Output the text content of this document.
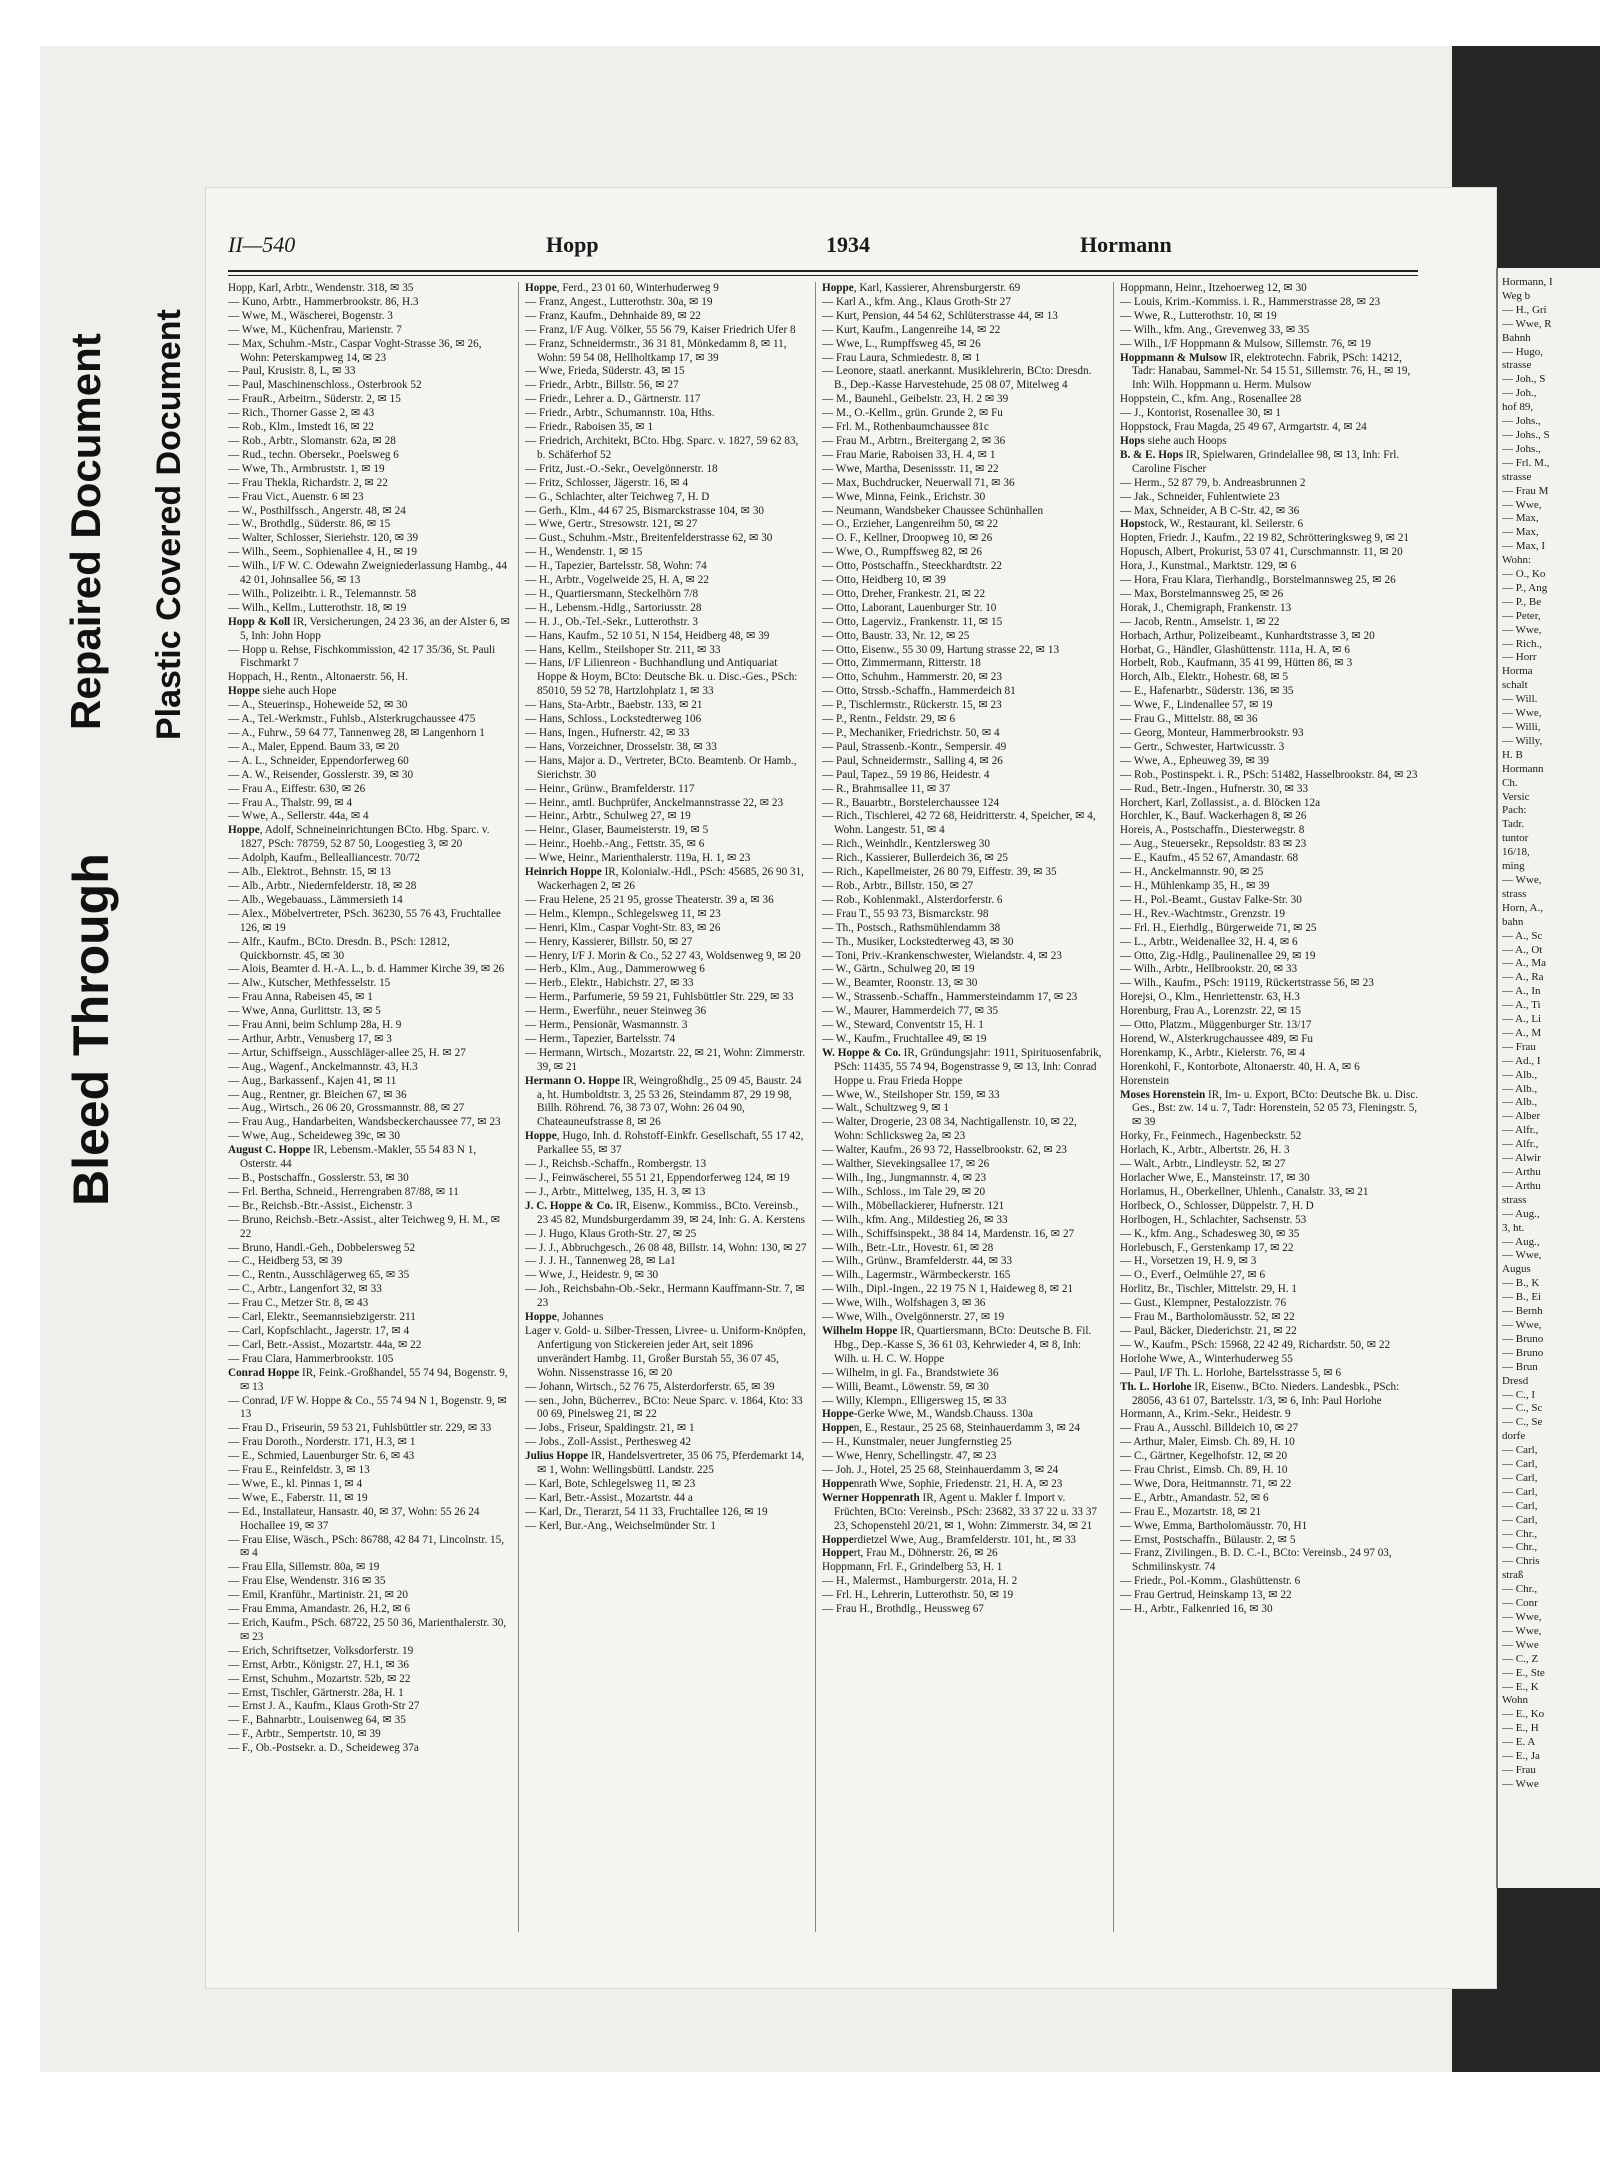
Bleed Through
Repaired Document Plastic Covered Document
Hormann, I
Weg b
— H., Gri
— Wwe, R
Bahnh
— Hugo,
strasse
— Joh., S
— Joh.,
hof 89,
— Johs.,
— Johs., S
— Johs.,
— Frl. M.,
strasse
— Frau M
— Wwe,
— Max,
— Max,
— Max, I
Wohn:
— O., Ko
— P., Ang
— P., Be
— Peter,
— Wwe,
— Rich.,
— Horr
Horma
schalt
— Will.
— Wwe,
— Willi,
— Willy,
H. B
Hormann
Ch.
Versic
Pach:
Tadr.
tuntor
16/18,
ming
— Wwe,
strass
Horn, A.,
bahn
— A., Sc
— A., Ot
— A., Ma
— A., Ra
— A., In
— A., Ti
— A., Li
— A., M
— Frau
— Ad., I
— Alb.,
— Alb.,
— Alb.,
— Alber
— Alfr.,
— Alfr.,
— Alwir
— Arthu
— Arthu
strass
— Aug.,
3, ht.
— Aug.,
— Wwe,
Augus
— B., K
— B., Ei
— Bernh
— Wwe,
— Bruno
— Bruno
— Brun
Dresd
— C., I
— C., Sc
— C., Se
dorfe
— Carl,
— Carl,
— Carl,
— Carl,
— Carl,
— Carl,
— Chr.,
— Chr.,
— Chris
straß
— Chr.,
— Conr
— Wwe,
— Wwe,
— Wwe
— C., Z
— E., Ste
— E., K
Wohn
— E., Ko
— E., H
— E. A
— E., Ja
— Frau
— Wwe
II—540	Hopp	1934	Hormann

Hopp, Karl, Arbtr., Wendenstr. 318, ✉ 35

— Kuno, Arbtr., Hammerbrookstr. 86, H.3

— Wwe, M., Wäscherei, Bogenstr. 3

— Wwe, M., Küchenfrau, Marienstr. 7

— Max, Schuhm.-Mstr., Caspar Voght-Strasse 36, ✉ 26, Wohn: Peterskampweg 14, ✉ 23

— Paul, Krusistr. 8, L, ✉ 33

— Paul, Maschinenschloss., Osterbrook 52

— FrauR., Arbeitrn., Süderstr. 2, ✉ 15

— Rich., Thorner Gasse 2, ✉ 43

— Rob., Klm., Imstedt 16, ✉ 22

— Rob., Arbtr., Slomanstr. 62a, ✉ 28

— Rud., techn. Obersekr., Poelsweg 6

— Wwe, Th., Armbruststr. 1, ✉ 19

— Frau Thekla, Richardstr. 2, ✉ 22

— Frau Vict., Auenstr. 6 ✉ 23

— W., Posthilfssch., Angerstr. 48, ✉ 24

— W., Brothdlg., Süderstr. 86, ✉ 15

— Walter, Schlosser, Sieriehstr. 120, ✉ 39

— Wilh., Seem., Sophienallee 4, H., ✉ 19

— Wilh., I/F W. C. Odewahn Zweigniederlassung Hambg., 44 42 01, Johnsallee 56, ✉ 13

— Wilh., Polizeibtr. i. R., Telemannstr. 58

— Wilh., Kellm., Lutterothstr. 18, ✉ 19

Hopp & Koll IR, Versicherungen, 24 23 36, an der Alster 6, ✉ 5, Inh: John Hopp

— Hopp u. Rehse, Fischkommission, 42 17 35/36, St. Pauli Fischmarkt 7

Hoppach, H., Rentn., Altonaerstr. 56, H.

Hoppe siehe auch Hope

— A., Steuerinsp., Hoheweide 52, ✉ 30

— A., Tel.-Werkmstr., Fuhlsb., Alsterkrugchaussee 475

— A., Fuhrw., 59 64 77, Tannenweg 28, ✉ Langenhorn 1

— A., Maler, Eppend. Baum 33, ✉ 20

— A. L., Schneider, Eppendorferweg 60

— A. W., Reisender, Gosslerstr. 39, ✉ 30

— Frau A., Eiffestr. 630, ✉ 26

— Frau A., Thalstr. 99, ✉ 4

— Wwe, A., Sellerstr. 44a, ✉ 4

Hoppe, Adolf, Schneineinrichtungen BCto. Hbg. Sparc. v. 1827, PSch: 78759, 52 87 50, Loogestieg 3, ✉ 20

— Adolph, Kaufm., Bellealliancestr. 70/72

— Alb., Elektrot., Behnstr. 15, ✉ 13

— Alb., Arbtr., Niedernfelderstr. 18, ✉ 28

— Alb., Wegebauass., Lämmersieth 14

— Alex., Möbelvertreter, PSch. 36230, 55 76 43, Fruchtallee 126, ✉ 19

— Alfr., Kaufm., BCto. Dresdn. B., PSch: 12812, Quickbornstr. 45, ✉ 30

— Alois, Beamter d. H.-A. L., b. d. Hammer Kirche 39, ✉ 26

— Alw., Kutscher, Methfesselstr. 15

— Frau Anna, Rabeisen 45, ✉ 1

— Wwe, Anna, Gurlittstr. 13, ✉ 5

— Frau Anni, beim Schlump 28a, H. 9

— Arthur, Arbtr., Venusberg 17, ✉ 3

— Artur, Schiffseign., Ausschläger-allee 25, H. ✉ 27

— Aug., Wagenf., Anckelmannstr. 43, H.3

— Aug., Barkassenf., Kajen 41, ✉ 11

— Aug., Rentner, gr. Bleichen 67, ✉ 36

— Aug., Wirtsch., 26 06 20, Grossmannstr. 88, ✉ 27

— Frau Aug., Handarbeiten, Wandsbeckerchaussee 77, ✉ 23

— Wwe, Aug., Scheideweg 39c, ✉ 30

August C. Hoppe IR, Lebensm.-Makler, 55 54 83 N 1, Osterstr. 44

— B., Postschaffn., Gosslerstr. 53, ✉ 30

— Frl. Bertha, Schneid., Herrengraben 87/88, ✉ 11

— Br., Reichsb.-Btr.-Assist., Eichenstr. 3

— Bruno, Reichsb.-Betr.-Assist., alter Teichweg 9, H. M., ✉ 22

— Bruno, Handl.-Geh., Dobbelersweg 52

— C., Heidberg 53, ✉ 39

— C., Rentn., Ausschlägerweg 65, ✉ 35

— C., Arbtr., Langenfort 32, ✉ 33

— Frau C., Metzer Str. 8, ✉ 43

— Carl, Elektr., Seemannsiebzigerstr. 211

— Carl, Kopfschlacht., Jagerstr. 17, ✉ 4

— Carl, Betr.-Assist., Mozartstr. 44a, ✉ 22

— Frau Clara, Hammerbrookstr. 105

Conrad Hoppe IR, Feink.-Großhandel, 55 74 94, Bogenstr. 9, ✉ 13

— Conrad, I/F W. Hoppe & Co., 55 74 94 N 1, Bogenstr. 9, ✉ 13

— Frau D., Friseurin, 59 53 21, Fuhlsbüttler str. 229, ✉ 33

— Frau Doroth., Norderstr. 171, H.3, ✉ 1

— E., Schmied, Lauenburger Str. 6, ✉ 43

— Frau E., Reinfeldstr. 3, ✉ 13

— Wwe, E., kl. Pinnas 1, ✉ 4

— Wwe, E., Faberstr. 11, ✉ 19

— Ed., Installateur, Hansastr. 40, ✉ 37, Wohn: 55 26 24 Hochallee 19, ✉ 37

— Frau Elise, Wäsch., PSch: 86788, 42 84 71, Lincolnstr. 15, ✉ 4

— Frau Ella, Sillemstr. 80a, ✉ 19

— Frau Else, Wendenstr. 316 ✉ 35

— Emil, Kranführ., Martinistr. 21, ✉ 20

— Frau Emma, Amandastr. 26, H.2, ✉ 6

— Erich, Kaufm., PSch. 68722, 25 50 36, Marienthalerstr. 30, ✉ 23

— Erich, Schriftsetzer, Volksdorferstr. 19

— Ernst, Arbtr., Königstr. 27, H.1, ✉ 36

— Ernst, Schuhm., Mozartstr. 52b, ✉ 22

— Ernst, Tischler, Gärtnerstr. 28a, H. 1

— Ernst J. A., Kaufm., Klaus Groth-Str 27

— F., Bahnarbtr., Louisenweg 64, ✉ 35

— F., Arbtr., Sempertstr. 10, ✉ 39

— F., Ob.-Postsekr. a. D., Scheideweg 37a

Hoppe, Ferd., 23 01 60, Winterhuderweg 9

— Franz, Angest., Lutterothstr. 30a, ✉ 19

— Franz, Kaufm., Dehnhaide 89, ✉ 22

— Franz, I/F Aug. Völker, 55 56 79, Kaiser Friedrich Ufer 8

— Franz, Schneidermstr., 36 31 81, Mönkedamm 8, ✉ 11, Wohn: 59 54 08, Hellholtkamp 17, ✉ 39

— Wwe, Frieda, Süderstr. 43, ✉ 15

— Friedr., Arbtr., Billstr. 56, ✉ 27

— Friedr., Lehrer a. D., Gärtnerstr. 117

— Friedr., Arbtr., Schumannstr. 10a, Hths.

— Friedr., Raboisen 35, ✉ 1

— Friedrich, Architekt, BCto. Hbg. Sparc. v. 1827, 59 62 83, b. Schäferhof 52

— Fritz, Just.-O.-Sekr., Oevelgönnerstr. 18

— Fritz, Schlosser, Jägerstr. 16, ✉ 4

— G., Schlachter, alter Teichweg 7, H. D

— Gerh., Klm., 44 67 25, Bismarckstrasse 104, ✉ 30

— Wwe, Gertr., Stresowstr. 121, ✉ 27

— Gust., Schuhm.-Mstr., Breitenfelderstrasse 62, ✉ 30

— H., Wendenstr. 1, ✉ 15

— H., Tapezier, Bartelsstr. 58, Wohn: 74

— H., Arbtr., Vogelweide 25, H. A, ✉ 22

— H., Quartiersmann, Steckelhörn 7/8

— H., Lebensm.-Hdlg., Sartoriusstr. 28

— H. J., Ob.-Tel.-Sekr., Lutterothstr. 3

— Hans, Kaufm., 52 10 51, N 154, Heidberg 48, ✉ 39

— Hans, Kellm., Steilshoper Str. 211, ✉ 33

— Hans, I/F Lilienreon - Buchhandlung und Antiquariat Hoppe & Hoym, BCto: Deutsche Bk. u. Disc.-Ges., PSch: 85010, 59 52 78, Hartzlohplatz 1, ✉ 33

— Hans, Sta-Arbtr., Baebstr. 133, ✉ 21

— Hans, Schloss., Lockstedterweg 106

— Hans, Ingen., Hufnerstr. 42, ✉ 33

— Hans, Vorzeichner, Drosselstr. 38, ✉ 33

— Hans, Major a. D., Vertreter, BCto. Beamtenb. Or Hamb., Sierichstr. 30

— Heinr., Grünw., Bramfelderstr. 117

— Heinr., amtl. Buchprüfer, Anckelmannstrasse 22, ✉ 23

— Heinr., Arbtr., Schulweg 27, ✉ 19

— Heinr., Glaser, Baumeisterstr. 19, ✉ 5

— Heinr., Hoehb.-Ang., Fettstr. 35, ✉ 6

— Wwe, Heinr., Marienthalerstr. 119a, H. 1, ✉ 23

Heinrich Hoppe IR, Kolonialw.-Hdl., PSch: 45685, 26 90 31, Wackerhagen 2, ✉ 26

— Frau Helene, 25 21 95, grosse Theaterstr. 39 a, ✉ 36

— Helm., Klempn., Schlegelsweg 11, ✉ 23

— Henri, Klm., Caspar Voght-Str. 83, ✉ 26

— Henry, Kassierer, Billstr. 50, ✉ 27

— Henry, I/F J. Morin & Co., 52 27 43, Woldsenweg 9, ✉ 20

— Herb., Klm., Aug., Dammerowweg 6

— Herb., Elektr., Habichstr. 27, ✉ 33

— Herm., Parfumerie, 59 59 21, Fuhlsbüttler Str. 229, ✉ 33

— Herm., Ewerführ., neuer Steinweg 36

— Herm., Pensionär, Wasmannstr. 3

— Herm., Tapezier, Bartelsstr. 74

— Hermann, Wirtsch., Mozartstr. 22, ✉ 21, Wohn: Zimmerstr. 39, ✉ 21

Hermann O. Hoppe IR, Weingroßhdlg., 25 09 45, Baustr. 24 a, ht. Humboldtstr. 3, 25 53 26, Steindamm 87, 29 19 98, Billh. Röhrend. 76, 38 73 07, Wohn: 26 04 90, Chateauneufstrasse 8, ✉ 26

Hoppe, Hugo, Inh. d. Rohstoff-Einkfr. Gesellschaft, 55 17 42, Parkallee 55, ✉ 37

— J., Reichsb.-Schaffn., Rombergstr. 13

— J., Feinwäscherei, 55 51 21, Eppendorferweg 124, ✉ 19

— J., Arbtr., Mittelweg, 135, H. 3, ✉ 13

J. C. Hoppe & Co. IR, Eisenw., Kommiss., BCto. Vereinsb., 23 45 82, Mundsburgerdamm 39, ✉ 24, Inh: G. A. Kerstens

— J. Hugo, Klaus Groth-Str. 27, ✉ 25

— J. J., Abbruchgesch., 26 08 48, Billstr. 14, Wohn: 130, ✉ 27

— J. J. H., Tannenweg 28, ✉ La1

— Wwe, J., Heidestr. 9, ✉ 30

— Joh., Reichsbahn-Ob.-Sekr., Hermann Kauffmann-Str. 7, ✉ 23

Hoppe, Johannes

Lager v. Gold- u. Silber-Tressen, Livree- u. Uniform-Knöpfen, Anfertigung von Stickereien jeder Art, seit 1896 unverändert Hambg. 11, Großer Burstah 55, 36 07 45, Wohn. Nissenstrasse 16, ✉ 20

— Johann, Wirtsch., 52 76 75, Alsterdorferstr. 65, ✉ 39

— sen., John, Bücherrev., BCto: Neue Sparc. v. 1864, Kto: 33 00 69, Pinelsweg 21, ✉ 22

— Jobs., Friseur, Spaldingstr. 21, ✉ 1

— Jobs., Zoll-Assist., Perthesweg 42

Julius Hoppe IR, Handelsvertreter, 35 06 75, Pferdemarkt 14, ✉ 1, Wohn: Wellingsbüttl. Landstr. 225

— Karl, Bote, Schlegelsweg 11, ✉ 23

— Karl, Betr.-Assist., Mozartstr. 44 a

— Karl, Dr., Tierarzt, 54 11 33, Fruchtallee 126, ✉ 19

— Kerl, Bur.-Ang., Weichselmünder Str. 1

Hoppe, Karl, Kassierer, Ahrensburgerstr. 69

— Karl A., kfm. Ang., Klaus Groth-Str 27

— Kurt, Pension, 44 54 62, Schlüterstrasse 44, ✉ 13

— Kurt, Kaufm., Langenreihe 14, ✉ 22

— Wwe, L., Rumpffsweg 45, ✉ 26

— Frau Laura, Schmiedestr. 8, ✉ 1

— Leonore, staatl. anerkannt. Musiklehrerin, BCto: Dresdn. B., Dep.-Kasse Harvestehude, 25 08 07, Mitelweg 4

— M., Baunehl., Geibelstr. 23, H. 2 ✉ 39

— M., O.-Kellm., grün. Grunde 2, ✉ Fu

— Frl. M., Rothenbaumchaussee 81c

— Frau M., Arbtrn., Breitergang 2, ✉ 36

— Frau Marie, Raboisen 33, H. 4, ✉ 1

— Wwe, Martha, Desenissstr. 11, ✉ 22

— Max, Buchdrucker, Neuerwall 71, ✉ 36

— Wwe, Minna, Feink., Erichstr. 30

— Neumann, Wandsbeker Chaussee Schünhallen

— O., Erzieher, Langenreihm 50, ✉ 22

— O. F., Kellner, Droopweg 10, ✉ 26

— Wwe, O., Rumpffsweg 82, ✉ 26

— Otto, Postschaffn., Steeckhardtstr. 22

— Otto, Heidberg 10, ✉ 39

— Otto, Dreher, Frankestr. 21, ✉ 22

— Otto, Laborant, Lauenburger Str. 10

— Otto, Lagerviz., Frankenstr. 11, ✉ 15

— Otto, Baustr. 33, Nr. 12, ✉ 25

— Otto, Eisenw., 55 30 09, Hartung strasse 22, ✉ 13

— Otto, Zimmermann, Ritterstr. 18

— Otto, Schuhm., Hammerstr. 20, ✉ 23

— Otto, Strssb.-Schaffn., Hammerdeich 81

— P., Tischlermstr., Rückerstr. 15, ✉ 23

— P., Rentn., Feldstr. 29, ✉ 6

— P., Mechaniker, Friedrichstr. 50, ✉ 4

— Paul, Strassenb.-Kontr., Sempersir. 49

— Paul, Schneidermstr., Salling 4, ✉ 26

— Paul, Tapez., 59 19 86, Heidestr. 4

— R., Brahmsallee 11, ✉ 37

— R., Bauarbtr., Borstelerchaussee 124

— Rich., Tischlerei, 42 72 68, Heidritterstr. 4, Speicher, ✉ 4, Wohn. Langestr. 51, ✉ 4

— Rich., Weinhdlr., Kentzlersweg 30

— Rich., Kassierer, Bullerdeich 36, ✉ 25

— Rich., Kapellmeister, 26 80 79, Eiffestr. 39, ✉ 35

— Rob., Arbtr., Billstr. 150, ✉ 27

— Rob., Kohlenmakl., Alsterdorferstr. 6

— Frau T., 55 93 73, Bismarckstr. 98

— Th., Postsch., Rathsmühlendamm 38

— Th., Musiker, Lockstedterweg 43, ✉ 30

— Toni, Priv.-Krankenschwester, Wielandstr. 4, ✉ 23

— W., Gärtn., Schulweg 20, ✉ 19

— W., Beamter, Roonstr. 13, ✉ 30

— W., Strassenb.-Schaffn., Hammersteindamm 17, ✉ 23

— W., Maurer, Hammerdeich 77, ✉ 35

— W., Steward, Conventstr 15, H. 1

— W., Kaufm., Fruchtallee 49, ✉ 19

W. Hoppe & Co. IR, Gründungsjahr: 1911, Spirituosenfabrik, PSch: 11435, 55 74 94, Bogenstrasse 9, ✉ 13, Inh: Conrad Hoppe u. Frau Frieda Hoppe

— Wwe, W., Steilshoper Str. 159, ✉ 33

— Walt., Schultzweg 9, ✉ 1

— Walter, Drogerie, 23 08 34, Nachtigallenstr. 10, ✉ 22, Wohn: Schlicksweg 2a, ✉ 23

— Walter, Kaufm., 26 93 72, Hasselbrookstr. 62, ✉ 23

— Walther, Sievekingsallee 17, ✉ 26

— Wilh., Ing., Jungmannstr. 4, ✉ 23

— Wilh., Schloss., im Tale 29, ✉ 20

— Wilh., Möbellackierer, Hufnerstr. 121

— Wilh., kfm. Ang., Mildestieg 26, ✉ 33

— Wilh., Schiffsinspekt., 38 84 14, Mardenstr. 16, ✉ 27

— Wilh., Betr.-Ltr., Hovestr. 61, ✉ 28

— Wilh., Grünw., Bramfelderstr. 44, ✉ 33

— Wilh., Lagermstr., Wärmbeckerstr. 165

— Wilh., Dipl.-Ingen., 22 19 75 N 1, Haideweg 8, ✉ 21

— Wwe, Wilh., Wolfshagen 3, ✉ 36

— Wwe, Wilh., Ovelgönnerstr. 27, ✉ 19

Wilhelm Hoppe IR, Quartiersmann, BCto: Deutsche B. Fil. Hbg., Dep.-Kasse S, 36 61 03, Kehrwieder 4, ✉ 8, Inh: Wilh. u. H. C. W. Hoppe

— Wilhelm, in gl. Fa., Brandstwiete 36

— Willi, Beamt., Löwenstr. 59, ✉ 30

— Willy, Klempn., Elligersweg 15, ✉ 33

Hoppe-Gerke Wwe, M., Wandsb.Chauss. 130a

Hoppen, E., Restaur., 25 25 68, Steinhauerdamm 3, ✉ 24

— H., Kunstmaler, neuer Jungfernstieg 25

— Wwe, Henry, Schellingstr. 47, ✉ 23

— Joh. J., Hotel, 25 25 68, Steinhauerdamm 3, ✉ 24

Hoppenrath Wwe, Sophie, Friedenstr. 21, H. A, ✉ 23

Werner Hoppenrath IR, Agent u. Makler f. Import v. Früchten, BCto: Vereinsb., PSch: 23682, 33 37 22 u. 33 37 23, Schopenstehl 20/21, ✉ 1, Wohn: Zimmerstr. 34, ✉ 21

Hopperdietzel Wwe, Aug., Bramfelderstr. 101, ht., ✉ 33

Hoppert, Frau M., Döhnerstr. 26, ✉ 26

Hoppmann, Frl. F., Grindelberg 53, H. 1

— H., Malermst., Hamburgerstr. 201a, H. 2

— Frl. H., Lehrerin, Lutterothstr. 50, ✉ 19

— Frau H., Brothdlg., Heussweg 67

Hoppmann, Heinr., Itzehoerweg 12, ✉ 30

— Louis, Krim.-Kommiss. i. R., Hammerstrasse 28, ✉ 23

— Wwe, R., Lutterothstr. 10, ✉ 19

— Wilh., kfm. Ang., Grevenweg 33, ✉ 35

— Wilh., I/F Hoppmann & Mulsow, Sillemstr. 76, ✉ 19

Hoppmann & Mulsow IR, elektrotechn. Fabrik, PSch: 14212, Tadr: Hanabau, Sammel-Nr. 54 15 51, Sillemstr. 76, H., ✉ 19, Inh: Wilh. Hoppmann u. Herm. Mulsow

Hoppstein, C., kfm. Ang., Rosenallee 28

— J., Kontorist, Rosenallee 30, ✉ 1

Hoppstock, Frau Magda, 25 49 67, Armgartstr. 4, ✉ 24

Hops siehe auch Hoops

B. & E. Hops IR, Spielwaren, Grindelallee 98, ✉ 13, Inh: Frl. Caroline Fischer

— Herm., 52 87 79, b. Andreasbrunnen 2

— Jak., Schneider, Fuhlentwiete 23

— Max, Schneider, A B C-Str. 42, ✉ 36

Hopstock, W., Restaurant, kl. Seilerstr. 6

Hopten, Friedr. J., Kaufm., 22 19 82, Schrötteringksweg 9, ✉ 21

Hopusch, Albert, Prokurist, 53 07 41, Curschmannstr. 11, ✉ 20

Hora, J., Kunstmal., Marktstr. 129, ✉ 6

— Hora, Frau Klara, Tierhandlg., Borstelmannsweg 25, ✉ 26

— Max, Borstelmannsweg 25, ✉ 26

Horak, J., Chemigraph, Frankenstr. 13

— Jacob, Rentn., Amselstr. 1, ✉ 22

Horbach, Arthur, Polizeibeamt., Kunhardtstrasse 3, ✉ 20

Horbat, G., Händler, Glashüttenstr. 111a, H. A, ✉ 6

Horbelt, Rob., Kaufmann, 35 41 99, Hütten 86, ✉ 3

Horch, Alb., Elektr., Hohestr. 68, ✉ 5

— E., Hafenarbtr., Süderstr. 136, ✉ 35

— Wwe, F., Lindenallee 57, ✉ 19

— Frau G., Mittelstr. 88, ✉ 36

— Georg, Monteur, Hammerbrookstr. 93

— Gertr., Schwester, Hartwicusstr. 3

— Wwe, A., Epheuweg 39, ✉ 39

— Rob., Postinspekt. i. R., PSch: 51482, Hasselbrookstr. 84, ✉ 23

— Rud., Betr.-Ingen., Hufnerstr. 30, ✉ 33

Horchert, Karl, Zollassist., a. d. Blöcken 12a

Horchler, K., Bauf. Wackerhagen 8, ✉ 26

Horeis, A., Postschaffn., Diesterwegstr. 8

— Aug., Steuersekr., Repsoldstr. 83 ✉ 23

— E., Kaufm., 45 52 67, Amandastr. 68

— H., Anckelmannstr. 90, ✉ 25

— H., Mühlenkamp 35, H., ✉ 39

— H., Pol.-Beamt., Gustav Falke-Str. 30

— H., Rev.-Wachtmstr., Grenzstr. 19

— Frl. H., Eierhdlg., Bürgerweide 71, ✉ 25

— L., Arbtr., Weidenallee 32, H. 4, ✉ 6

— Otto, Zig.-Hdlg., Paulinenallee 29, ✉ 19

— Wilh., Arbtr., Hellbrookstr. 20, ✉ 33

— Wilh., Kaufm., PSch: 19119, Rückertstrasse 56, ✉ 23

Horejsi, O., Klm., Henriettenstr. 63, H.3

Horenburg, Frau A., Lorenzstr. 22, ✉ 15

— Otto, Platzm., Müggenburger Str. 13/17

Horend, W., Alsterkrugchaussee 489, ✉ Fu

Horenkamp, K., Arbtr., Kielerstr. 76, ✉ 4

Horenkohl, F., Kontorbote, Altonaerstr. 40, H. A, ✉ 6

Horenstein

Moses Horenstein IR, Im- u. Export, BCto: Deutsche Bk. u. Disc. Ges., Bst: zw. 14 u. 7, Tadr: Horenstein, 52 05 73, Fleningstr. 5, ✉ 39

Horky, Fr., Feinmech., Hagenbeckstr. 52

Horlach, K., Arbtr., Albertstr. 26, H. 3

— Walt., Arbtr., Lindleystr. 52, ✉ 27

Horlacher Wwe, E., Mansteinstr. 17, ✉ 30

Horlamus, H., Oberkellner, Uhlenh., Canalstr. 33, ✉ 21

Horlbeck, O., Schlosser, Düppelstr. 7, H. D

Horlbogen, H., Schlachter, Sachsenstr. 53

— K., kfm. Ang., Schadesweg 30, ✉ 35

Horlebusch, F., Gerstenkamp 17, ✉ 22

— H., Vorsetzen 19, H. 9, ✉ 3

— O., Everf., Oelmühle 27, ✉ 6

Horlitz, Br., Tischler, Mittelstr. 29, H. 1

— Gust., Klempner, Pestalozzistr. 76

— Frau M., Bartholomäusstr. 52, ✉ 22

— Paul, Bäcker, Diederichstr. 21, ✉ 22

— W., Kaufm., PSch: 15968, 22 42 49, Richardstr. 50, ✉ 22

Horlohe Wwe, A., Winterhuderweg 55

— Paul, I/F Th. L. Horlohe, Bartelsstrasse 5, ✉ 6

Th. L. Horlohe IR, Eisenw., BCto. Nieders. Landesbk., PSch: 28056, 43 61 07, Bartelsstr. 1/3, ✉ 6, Inh: Paul Horlohe

Hormann, A., Krim.-Sekr., Heidestr. 9

— Frau A., Ausschl. Billdeich 10, ✉ 27

— Arthur, Maler, Eimsb. Ch. 89, H. 10

— C., Gärtner, Kegelhofstr. 12, ✉ 20

— Frau Christ., Eimsb. Ch. 89, H. 10

— Wwe, Dora, Heitmannstr. 71, ✉ 22

— E., Arbtr., Amandastr. 52, ✉ 6

— Frau E., Mozartstr. 18, ✉ 21

— Wwe, Emma, Bartholomäusstr. 70, H1

— Ernst, Postschaffn., Bülaustr. 2, ✉ 5

— Franz, Zivilingen., B. D. C.-I., BCto: Vereinsb., 24 97 03, Schmilinskystr. 74

— Friedr., Pol.-Komm., Glashüttenstr. 6

— Frau Gertrud, Heinskamp 13, ✉ 22

— H., Arbtr., Falkenried 16, ✉ 30
